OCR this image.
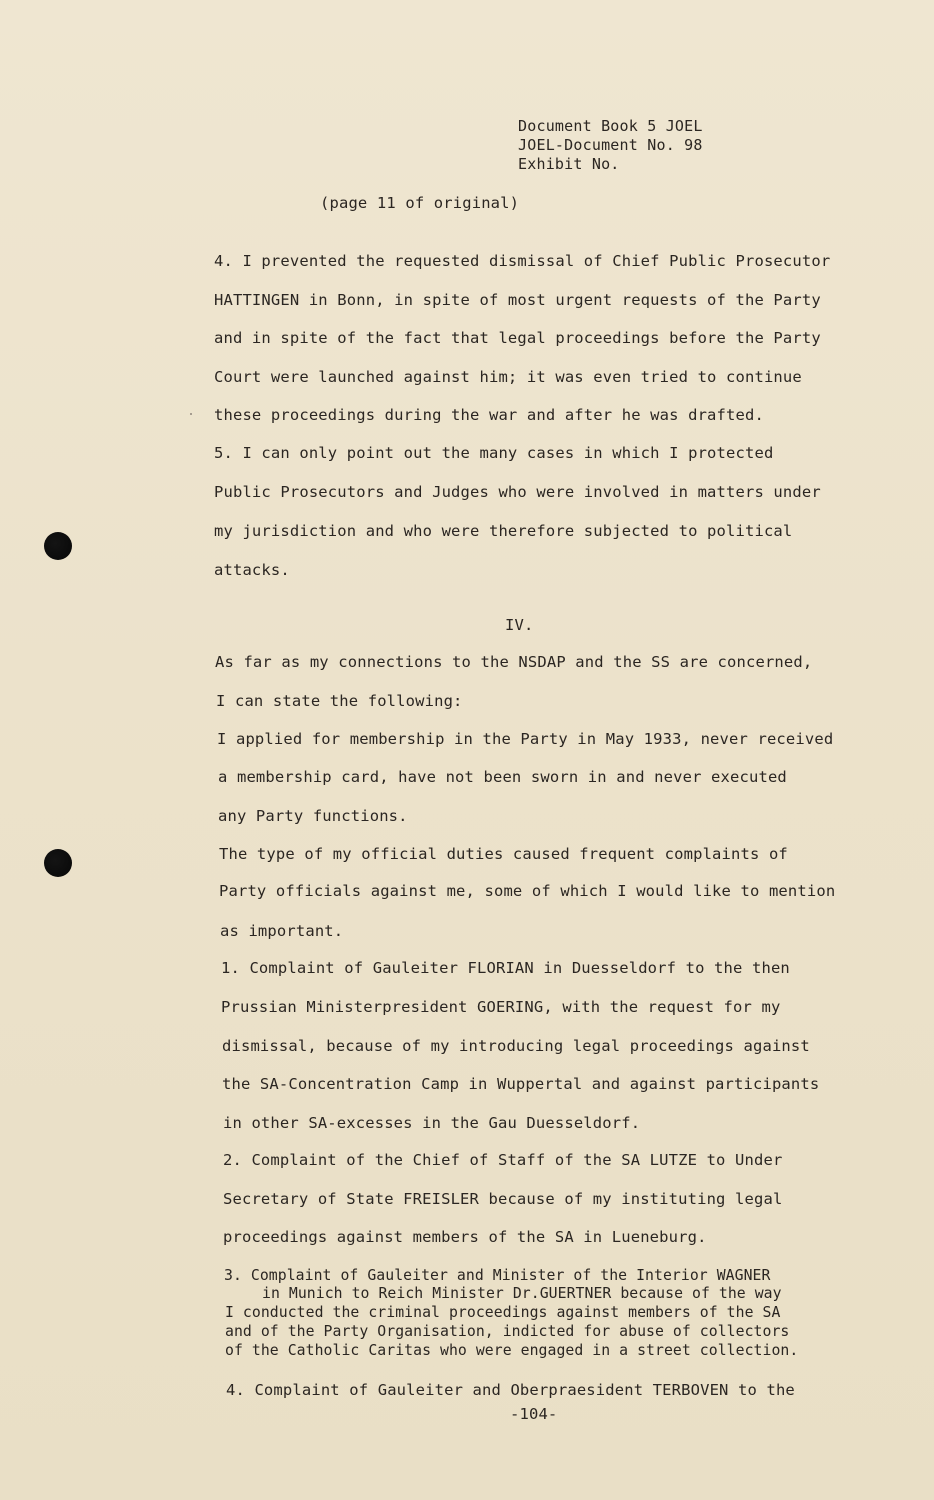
Document Book 5 JOEL
JOEL-Document No. 98
Exhibit No.
(page 11 of original)
4. I prevented the requested dismissal of Chief Public Prosecutor
HATTINGEN in Bonn, in spite of most urgent requests of the Party
and in spite of the fact that legal proceedings before the Party
Court were launched against him; it was even tried to continue
these proceedings during the war and after he was drafted.
5. I can only point out the many cases in which I protected
Public Prosecutors and Judges who were involved in matters under
my jurisdiction and who were therefore subjected to political
attacks.
IV.
As far as my connections to the NSDAP and the SS are concerned,
I can state the following:
I applied for membership in the Party in May 1933, never received
a membership card, have not been sworn in and never executed
any Party functions.
The type of my official duties caused frequent complaints of
Party officials against me, some of which I would like to mention
as important.
1. Complaint of Gauleiter FLORIAN in Duesseldorf to the then
Prussian Ministerpresident GOERING, with the request for my
dismissal, because of my introducing legal proceedings against
the SA-Concentration Camp in Wuppertal and against participants
in other SA-excesses in the Gau Duesseldorf.
2. Complaint of the Chief of Staff of the SA LUTZE to Under
Secretary of State FREISLER because of my instituting legal
proceedings against members of the SA in Lueneburg.
3. Complaint of Gauleiter and Minister of the Interior WAGNER
in Munich to Reich Minister Dr.GUERTNER because of the way
I conducted the criminal proceedings against members of the SA
and of the Party Organisation, indicted for abuse of collectors
of the Catholic Caritas who were engaged in a street collection.
4. Complaint of Gauleiter and Oberpraesident TERBOVEN to the
-104-
